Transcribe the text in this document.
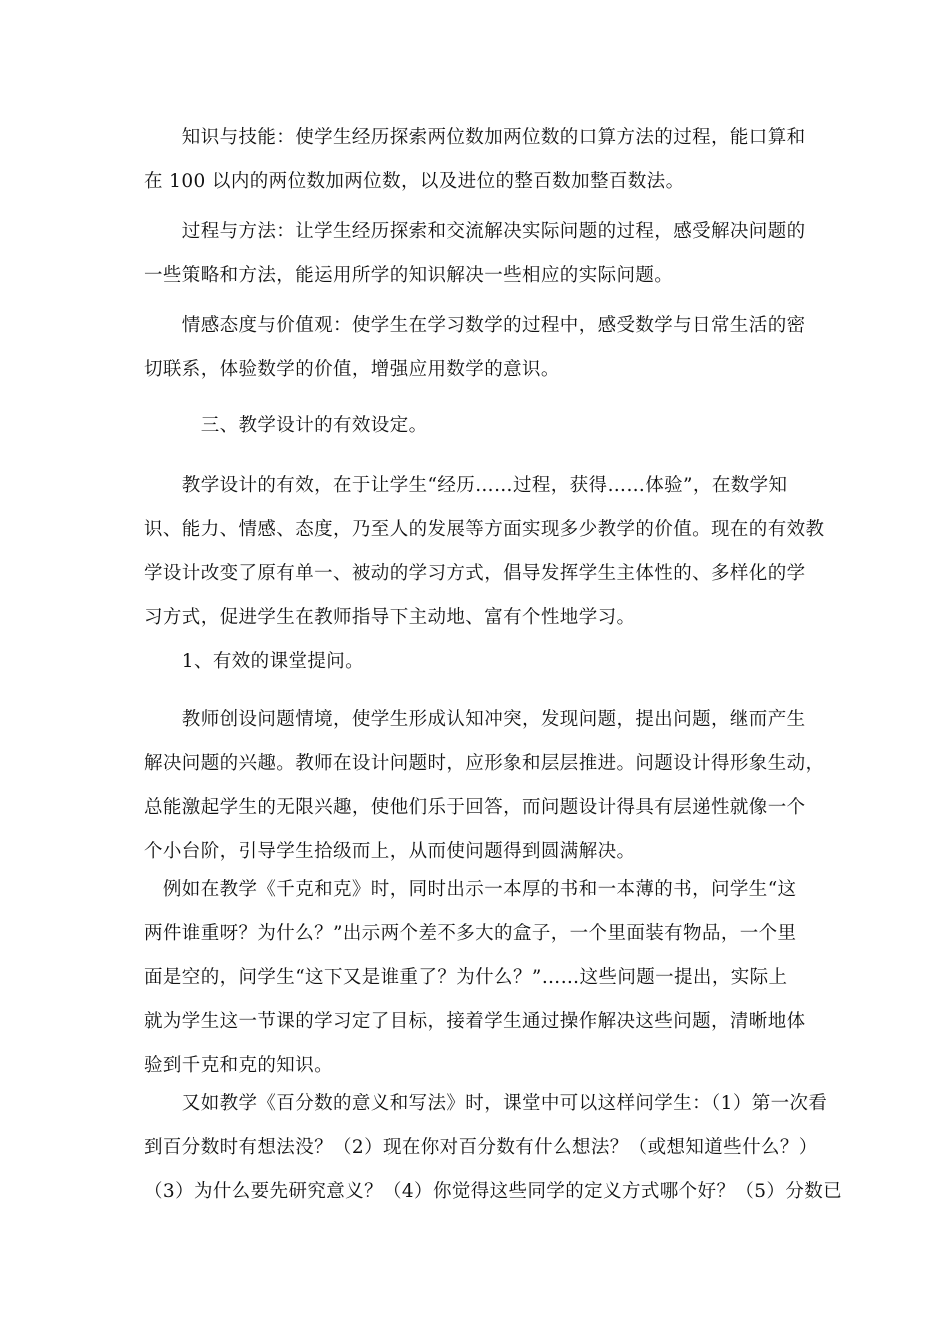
　　知识与技能：使学生经历探索两位数加两位数的口算方法的过程，能口算和
在 100 以内的两位数加两位数，以及进位的整百数加整百数法。
　　过程与方法：让学生经历探索和交流解决实际问题的过程，感受解决问题的
一些策略和方法，能运用所学的知识解决一些相应的实际问题。
　　情感态度与价值观：使学生在学习数学的过程中，感受数学与日常生活的密
切联系，体验数学的价值，增强应用数学的意识。
　　　三、教学设计的有效设定。
　　教学设计的有效，在于让学生“经历……过程，获得……体验”，在数学知
识、能力、情感、态度，乃至人的发展等方面实现多少教学的价值。现在的有效教
学设计改变了原有单一、被动的学习方式，倡导发挥学生主体性的、多样化的学
习方式，促进学生在教师指导下主动地、富有个性地学习。
　　1、有效的课堂提问。
　　教师创设问题情境，使学生形成认知冲突，发现问题，提出问题，继而产生
解决问题的兴趣。教师在设计问题时，应形象和层层推进。问题设计得形象生动，
总能激起学生的无限兴趣，使他们乐于回答，而问题设计得具有层递性就像一个
个小台阶，引导学生拾级而上，从而使问题得到圆满解决。
　例如在教学《千克和克》时，同时出示一本厚的书和一本薄的书，问学生“这
两件谁重呀？为什么？”出示两个差不多大的盒子，一个里面装有物品，一个里
面是空的，问学生“这下又是谁重了？为什么？”……这些问题一提出，实际上
就为学生这一节课的学习定了目标，接着学生通过操作解决这些问题，清晰地体
验到千克和克的知识。
　　又如教学《百分数的意义和写法》时，课堂中可以这样问学生：（1）第一次看
到百分数时有想法没？（2）现在你对百分数有什么想法？（或想知道些什么？）
（3）为什么要先研究意义？（4）你觉得这些同学的定义方式哪个好？（5）分数已
